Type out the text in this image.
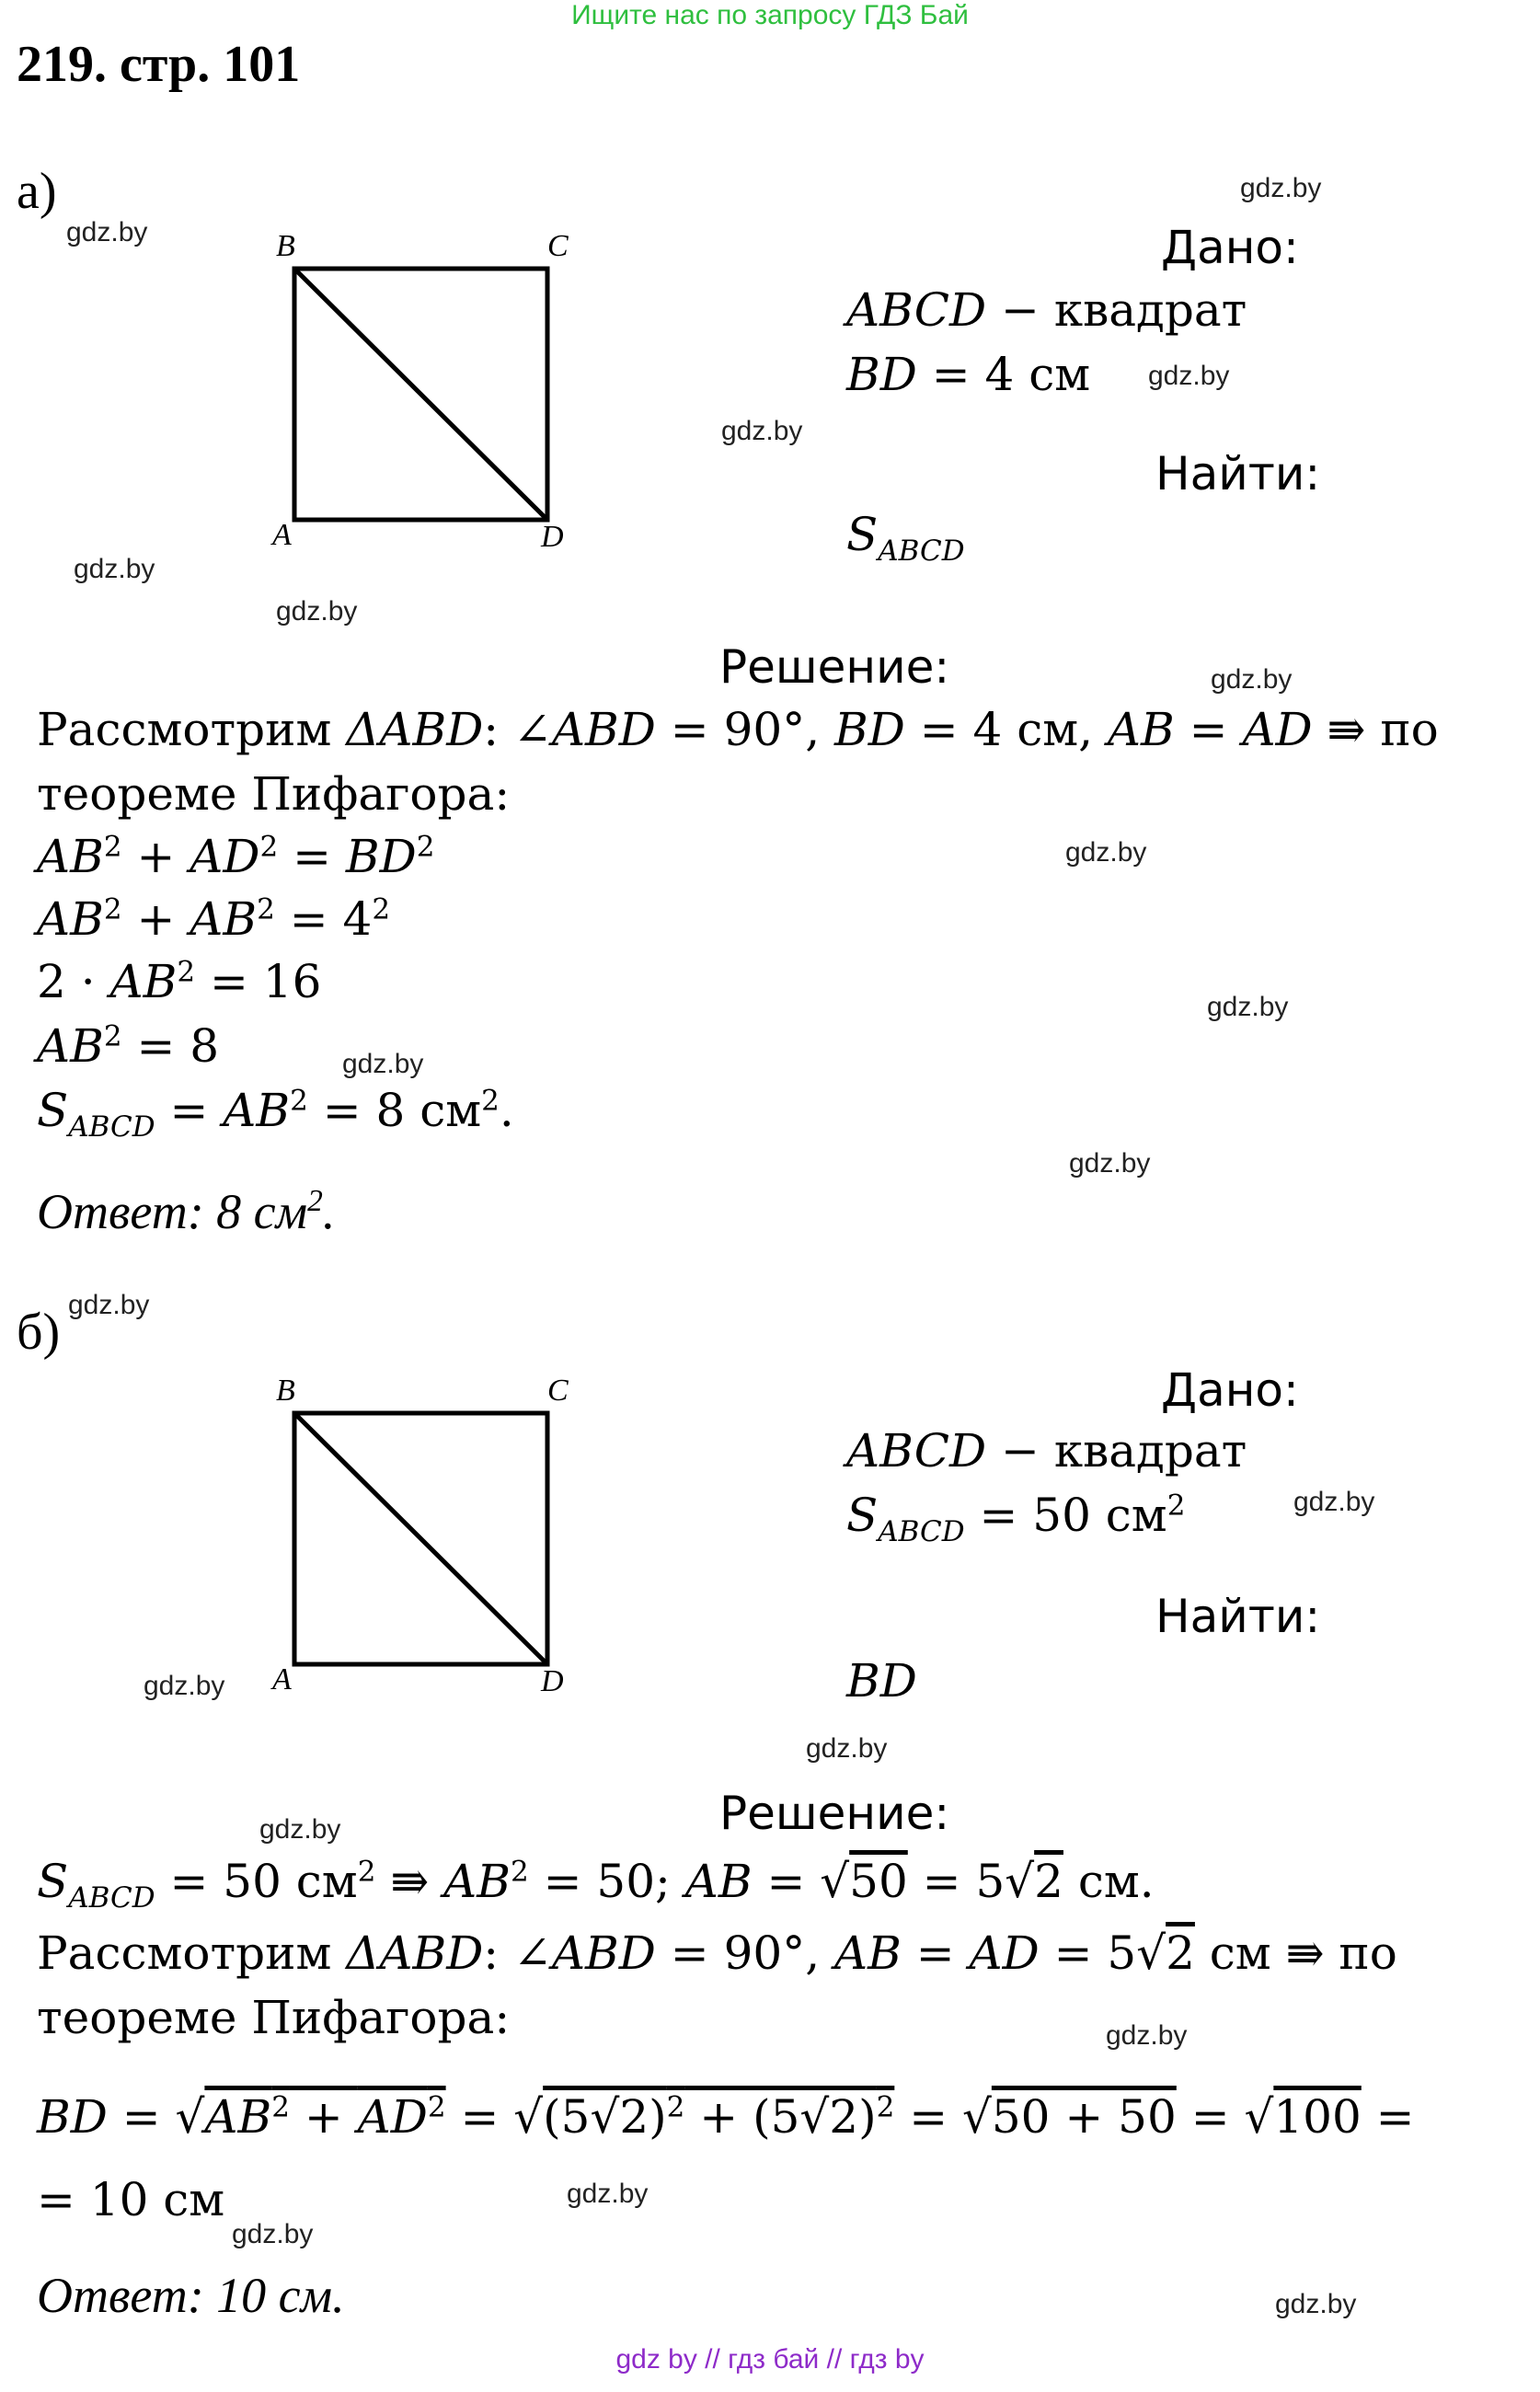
Ищите нас по запросу ГДЗ Бай
219. стр. 101
а)
B	C
A	D
Дано:
ABCD − квадрат
BD = 4 см
Найти:
$S_{ABCD}$
Решение:
Рассмотрим ΔABD: ∠ABD = 90°, BD = 4 см, AB = AD ⇛ по
теореме Пифагора:
$AB^2 + AD^2 = BD^2$
$AB^2 + AB^2 = 4^2$
$2 \cdot AB^2 = 16$
$AB^2 = 8$
$S_{ABCD} = AB^2 = 8$ $см^2$.
Ответ: 8 $см^2$.
б)
B	C
A	D
Дано:
ABCD − квадрат
$S_{ABCD} = 50$ $см^2$
Найти:
BD
Решение:
$S_{ABCD} = 50$ $см^2$ ⇛ $AB^2 = 50$; AB = √50 = 5√2 см.
Рассмотрим ΔABD: ∠ABD = 90°, AB = AD = 5√2 см ⇛ по
теореме Пифагора:
BD = $√AB^2 + AD^2 = √(5√2)^2 + (5√2)^2 = √50 + 50 = √100$ =
= 10 см
Ответ: 10 см.
gdz.by
gdz.by
gdz.by
gdz.by
gdz.by
gdz.by
gdz.by
gdz.by
gdz.by
gdz.by
gdz.by
gdz.by
gdz.by
gdz.by
gdz.by
gdz.by
gdz.by
gdz.by
gdz.by
gdz.by
gdz by // гдз бай // гдз by
